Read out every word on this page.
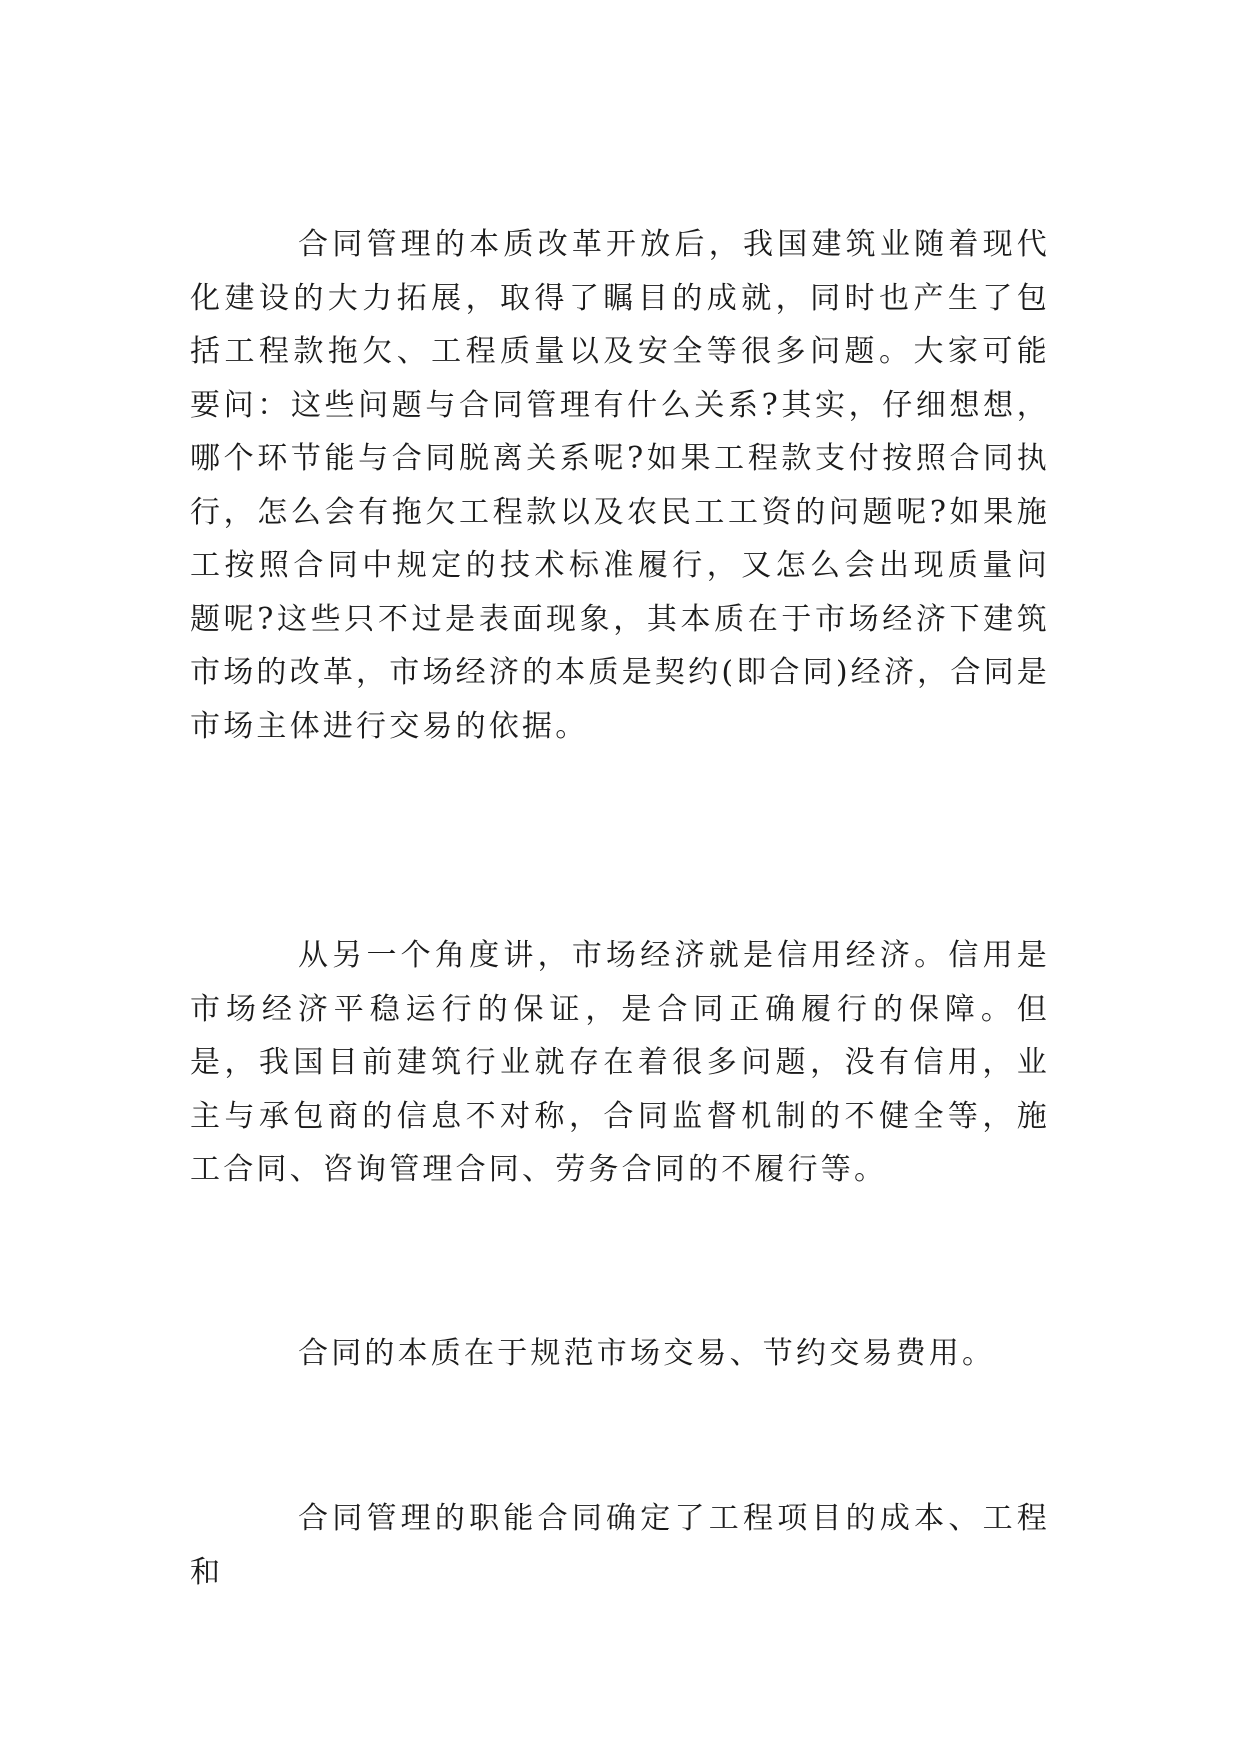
合同管理的本质改革开放后，我国建筑业随着现代化建设的大力拓展，取得了瞩目的成就，同时也产生了包括工程款拖欠、工程质量以及安全等很多问题。大家可能要问：这些问题与合同管理有什么关系?其实，仔细想想，哪个环节能与合同脱离关系呢?如果工程款支付按照合同执行，怎么会有拖欠工程款以及农民工工资的问题呢?如果施工按照合同中规定的技术标准履行，又怎么会出现质量问题呢?这些只不过是表面现象，其本质在于市场经济下建筑市场的改革，市场经济的本质是契约(即合同)经济，合同是市场主体进行交易的依据。

从另一个角度讲，市场经济就是信用经济。信用是市场经济平稳运行的保证，是合同正确履行的保障。但是，我国目前建筑行业就存在着很多问题，没有信用，业主与承包商的信息不对称，合同监督机制的不健全等，施工合同、咨询管理合同、劳务合同的不履行等。

合同的本质在于规范市场交易、节约交易费用。

合同管理的职能合同确定了工程项目的成本、工程和
